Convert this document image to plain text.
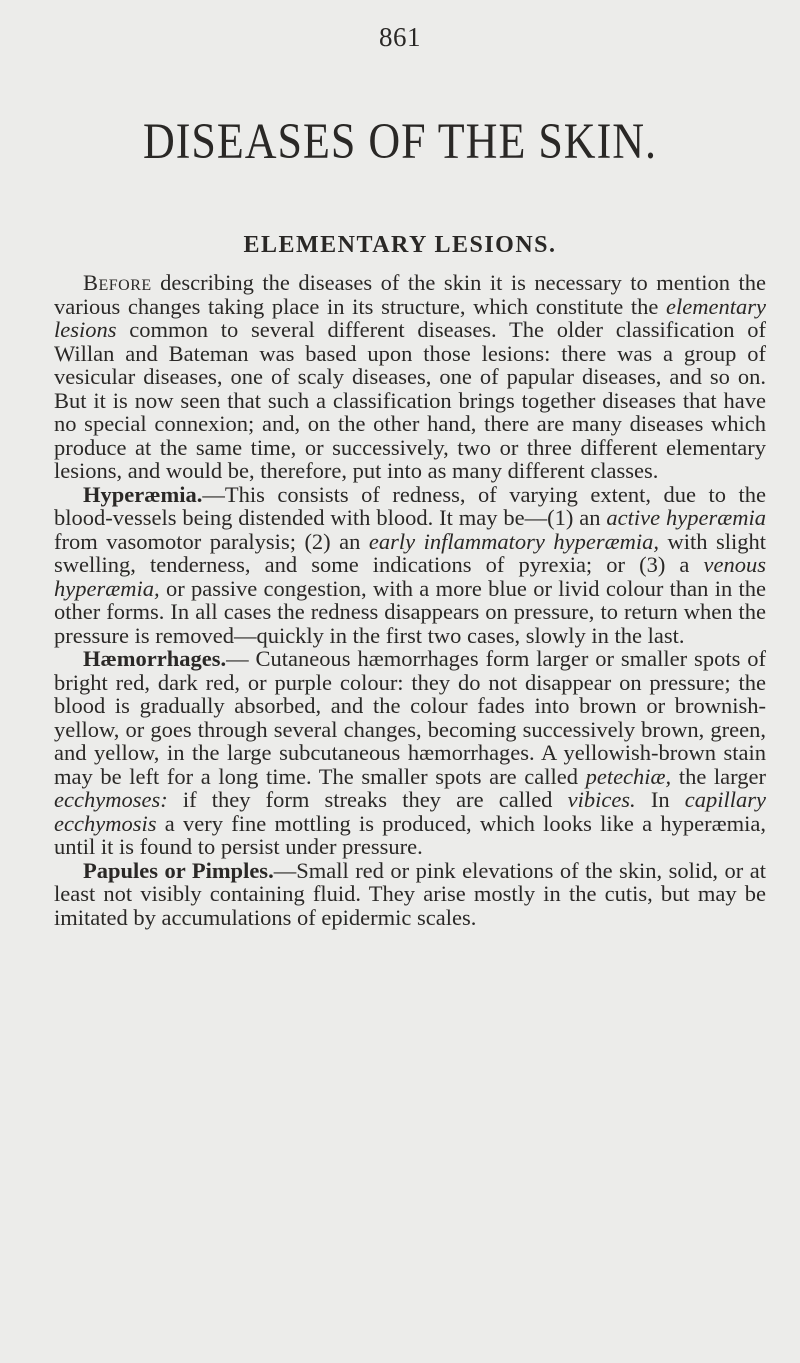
861
DISEASES OF THE SKIN.
ELEMENTARY LESIONS.

Before describing the diseases of the skin it is necessary to mention the various changes taking place in its structure, which constitute the elementary lesions common to several different diseases. The older classification of Willan and Bateman was based upon those lesions: there was a group of vesicular diseases, one of scaly diseases, one of papular diseases, and so on. But it is now seen that such a classification brings together diseases that have no special connexion; and, on the other hand, there are many diseases which produce at the same time, or successively, two or three different elementary lesions, and would be, therefore, put into as many different classes.

Hyperæmia.—This consists of redness, of varying extent, due to the blood-vessels being distended with blood. It may be—(1) an active hyperæmia from vasomotor paralysis; (2) an early inflammatory hyperæmia, with slight swelling, tenderness, and some indications of pyrexia; or (3) a venous hyperæmia, or passive congestion, with a more blue or livid colour than in the other forms. In all cases the redness disappears on pressure, to return when the pressure is removed—quickly in the first two cases, slowly in the last.

Hæmorrhages.— Cutaneous hæmorrhages form larger or smaller spots of bright red, dark red, or purple colour: they do not disappear on pressure; the blood is gradually absorbed, and the colour fades into brown or brownish-yellow, or goes through several changes, becoming successively brown, green, and yellow, in the large subcutaneous hæmorrhages. A yellowish-brown stain may be left for a long time. The smaller spots are called petechiæ, the larger ecchymoses: if they form streaks they are called vibices. In capillary ecchymosis a very fine mottling is produced, which looks like a hyperæmia, until it is found to persist under pressure.

Papules or Pimples.—Small red or pink elevations of the skin, solid, or at least not visibly containing fluid. They arise mostly in the cutis, but may be imitated by accumulations of epidermic scales.
